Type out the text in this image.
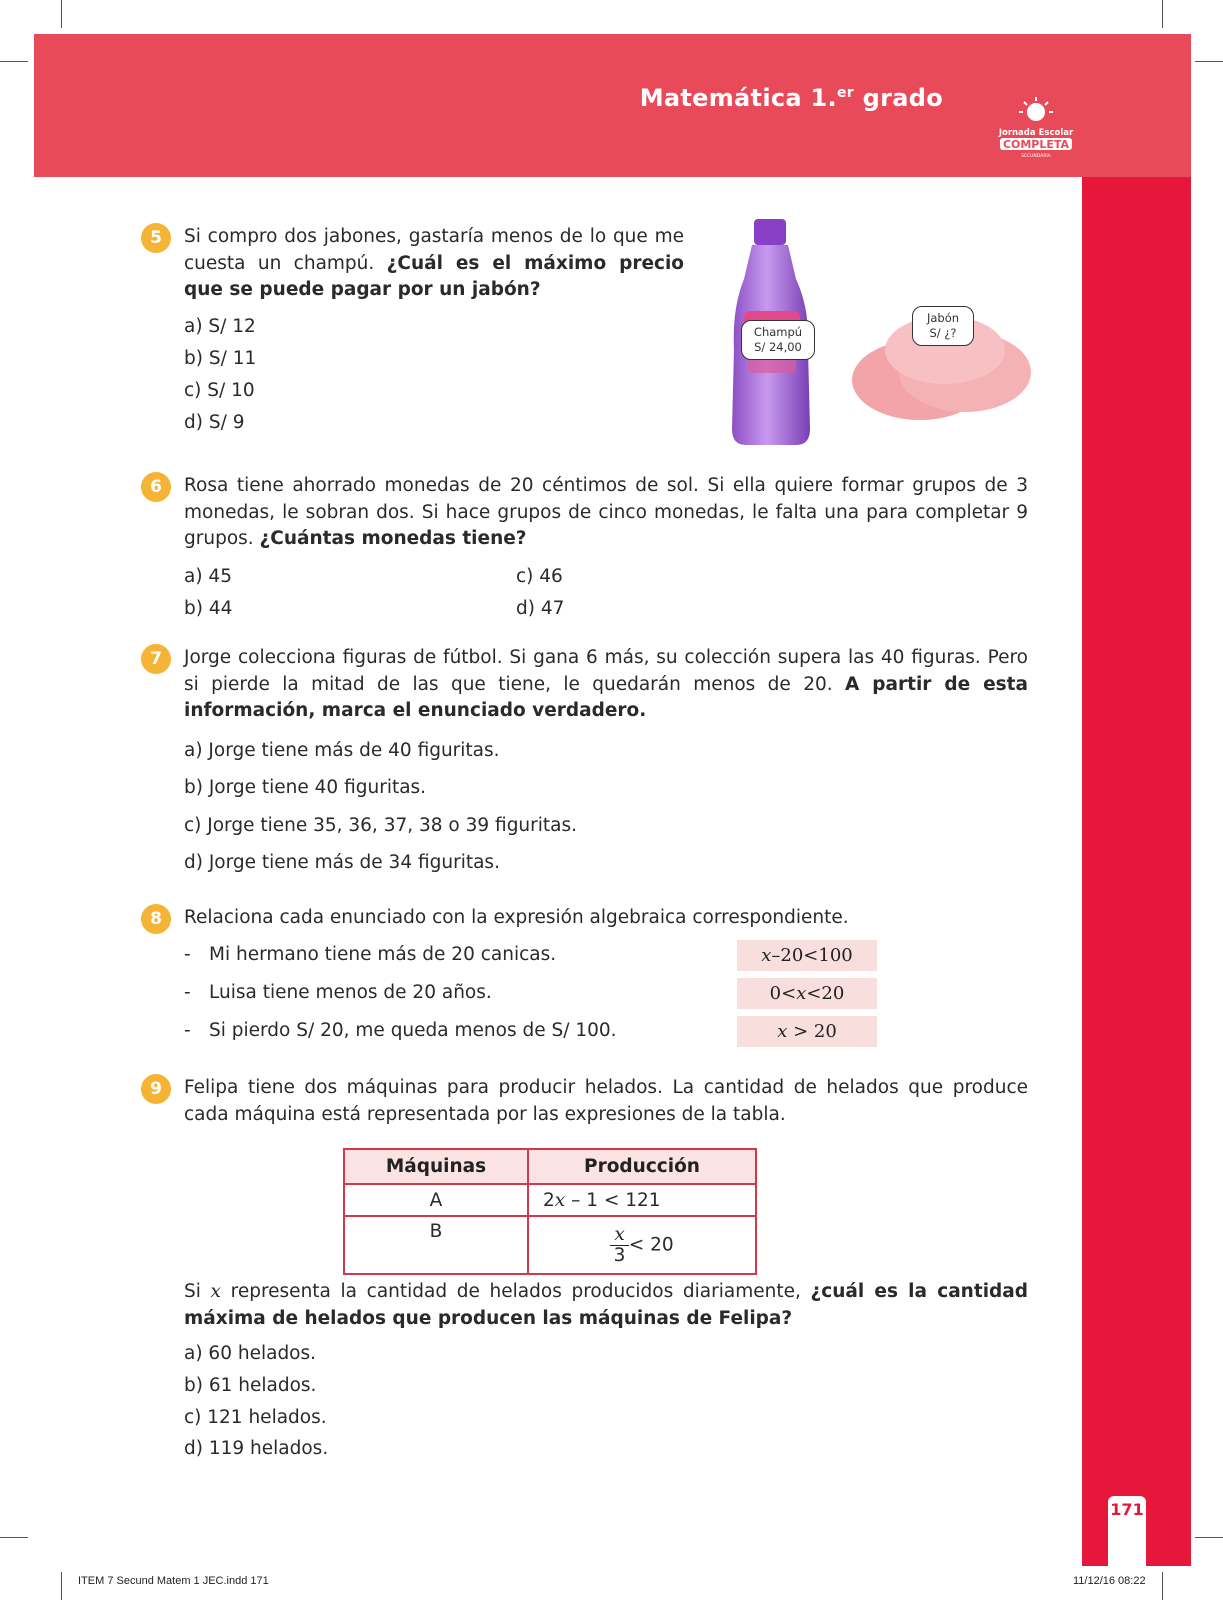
Matemática 1.$^{er}$ grado
Jornada Escolar
COMPLETA
SECUNDARIA
171
5	Si compro dos jabones, gastaría menos de lo que me cuesta un champú. ¿Cuál es el máximo precio que se puede pagar por un jabón?
a) S/ 12
b) S/ 11
c) S/ 10
d) S/ 9
Champú
S/ 24,00
Jabón
S/ ¿?
6	Rosa tiene ahorrado monedas de 20 céntimos de sol. Si ella quiere formar grupos de 3 monedas, le sobran dos. Si hace grupos de cinco monedas, le falta una para completar 9 grupos. ¿Cuántas monedas tiene?
a) 45
b) 44
c) 46
d) 47
7	Jorge colecciona figuras de fútbol. Si gana 6 más, su colección supera las 40 figuras. Pero si pierde la mitad de las que tiene, le quedarán menos de 20. A partir de esta información, marca el enunciado verdadero.
a) Jorge tiene más de 40 figuritas.
b) Jorge tiene 40 figuritas.
c) Jorge tiene 35, 36, 37, 38 o 39 figuritas.
d) Jorge tiene más de 34 figuritas.
8	Relaciona cada enunciado con la expresión algebraica correspondiente.
- Mi hermano tiene más de 20 canicas.
- Luisa tiene menos de 20 años.
- Si pierdo S/ 20, me queda menos de S/ 100.
x–20<100
0<x<20
x > 20
9	Felipa tiene dos máquinas para producir helados. La cantidad de helados que produce cada máquina está representada por las expresiones de la tabla.
Máquinas	Producción
A	2x – 1 < 121
B	$\frac{x}{3} < 20$
Si x representa la cantidad de helados producidos diariamente, ¿cuál es la cantidad máxima de helados que producen las máquinas de Felipa?
a) 60 helados.
b) 61 helados.
c) 121 helados.
d) 119 helados.
ITEM 7 Secund Matem 1 JEC.indd 171	11/12/16 08:22
